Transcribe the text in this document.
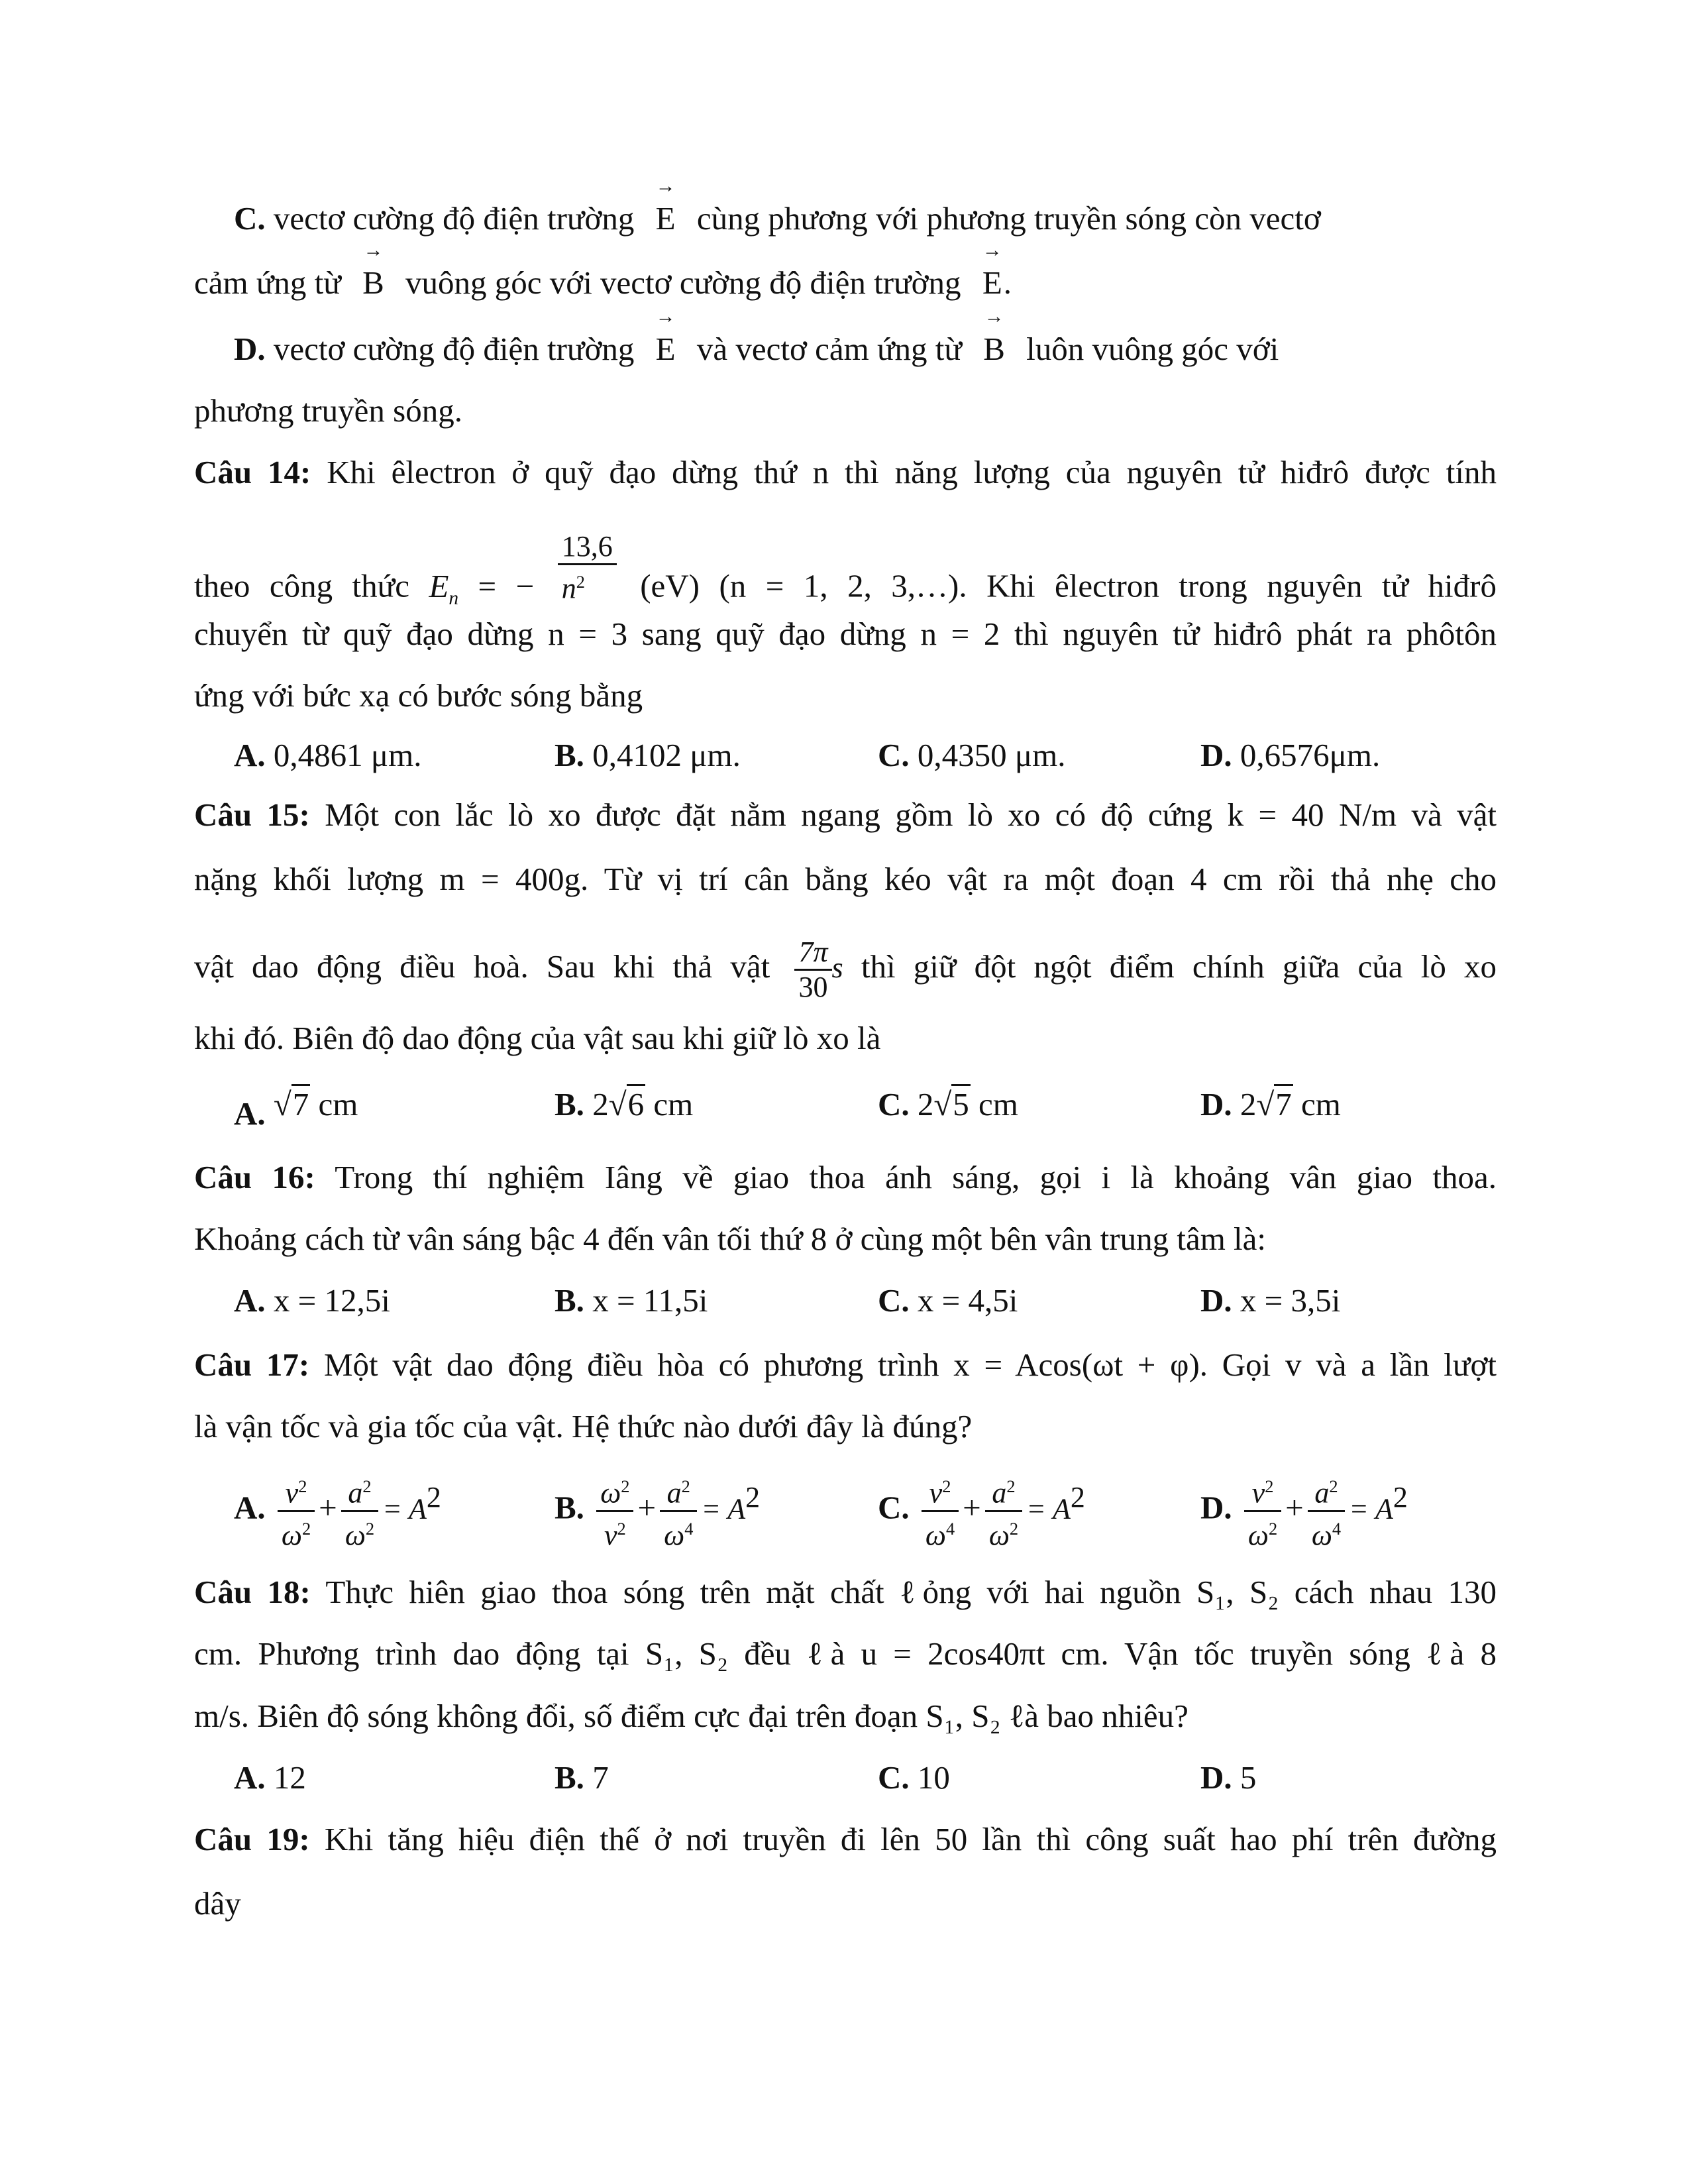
C. vectơ cường độ điện trường → E cùng phương với phương truyền sóng còn vectơ
cảm ứng từ → B vuông góc với vectơ cường độ điện trường → E.
D. vectơ cường độ điện trường → E và vectơ cảm ứng từ → B luôn vuông góc với
phương truyền sóng.
Câu 14: Khi êlectron ở quỹ đạo dừng thứ n thì năng lượng của nguyên tử hiđrô được tính
theo công thức $E_n$ = − $\frac{13,6}{n^2} (eV) (n = 1$, 2, 3,…). Khi êlectron trong nguyên tử hiđrô
chuyển từ quỹ đạo dừng n = 3 sang quỹ đạo dừng n = 2 thì nguyên tử hiđrô phát ra phôtôn
ứng với bức xạ có bước sóng bằng
A. 0,4861 μm.	B. 0,4102 μm.	C. 0,4350 μm.	D. 0,6576μm.
Câu 15: Một con lắc lò xo được đặt nằm ngang gồm lò xo có độ cứng k = 40 N/m và vật
nặng khối lượng m = 400g. Từ vị trí cân bằng kéo vật ra một đoạn 4 cm rồi thả nhẹ cho
vật dao động điều hoà. Sau khi thả vật $\frac{7\pi}{30}$ s thì giữ đột ngột điểm chính giữa của lò xo
khi đó. Biên độ dao động của vật sau khi giữ lò xo là
A. √7 cm	B. 2√6 cm	C. 2√5 cm	D. 2√7 cm
Câu 16: Trong thí nghiệm Iâng về giao thoa ánh sáng, gọi i là khoảng vân giao thoa.
Khoảng cách từ vân sáng bậc 4 đến vân tối thứ 8 ở cùng một bên vân trung tâm là:
A. x = 12,5i	B. x = 11,5i	C. x = 4,5i	D. x = 3,5i
Câu 17: Một vật dao động điều hòa có phương trình x = Acos(ωt + φ). Gọi v và a lần lượt
là vận tốc và gia tốc của vật. Hệ thức nào dưới đây là đúng?
A. $\frac{v^2}{\omega^2} + \frac{a^2}{\omega^2} = A^2$	B. $\frac{\omega^2}{v^2} + \frac{a^2}{\omega^4} = A^2$	C. $\frac{v^2}{\omega^4} + \frac{a^2}{\omega^2} = A^2$	D. $\frac{v^2}{\omega^2} + \frac{a^2}{\omega^4} = A^2$
Câu 18: Thực hiên giao thoa sóng trên mặt chất ℓỏng với hai nguồn S₁, S₂ cách nhau 130
cm. Phương trình dao động tại S₁, S₂ đều ℓà u = 2cos40πt cm. Vận tốc truyền sóng ℓà 8
m/s. Biên độ sóng không đổi, số điểm cực đại trên đoạn S₁, S₂ ℓà bao nhiêu?
A. 12	B. 7	C. 10	D. 5
Câu 19: Khi tăng hiệu điện thế ở nơi truyền đi lên 50 lần thì công suất hao phí trên đường
dây
